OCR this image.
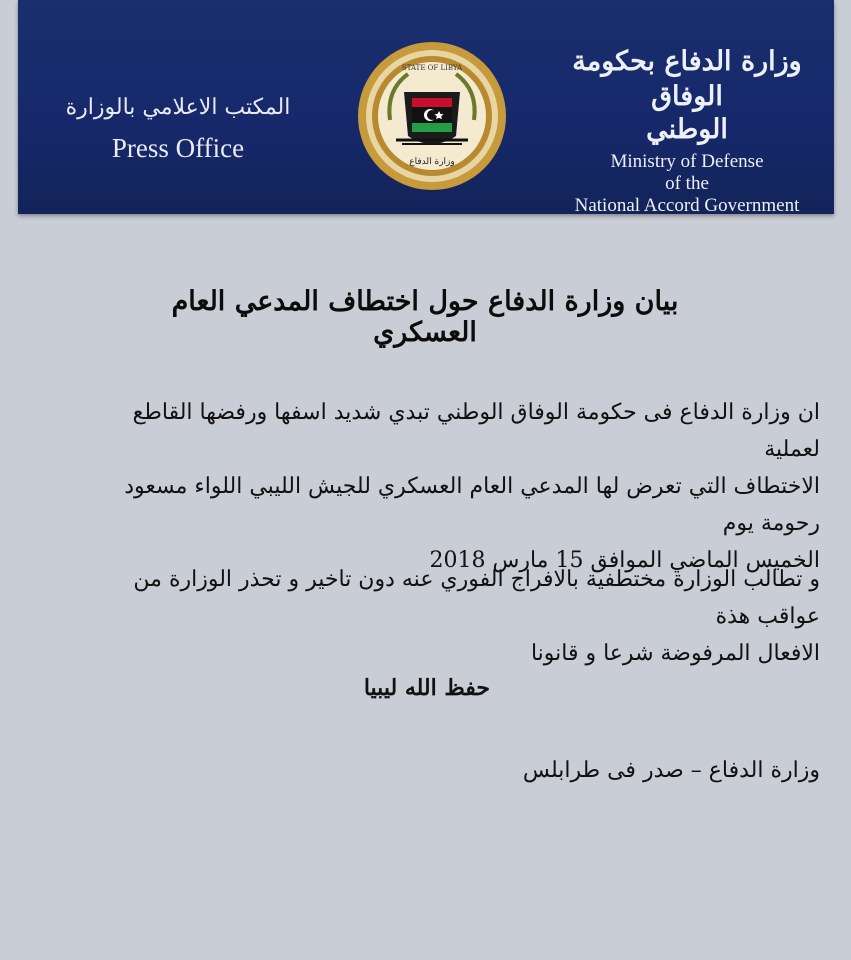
المكتب الاعلامي بالوزارة
Press Office
STATE OF LIBYA
وزارة الدفاع
وزارة الدفاع بحكومة الوفاق
الوطني
Ministry of Defense
of the
National Accord Government
بيان وزارة الدفاع حول اختطاف المدعي العام العسكري
ان وزارة الدفاع فى حكومة الوفاق الوطني تبدي شديد اسفها ورفضها القاطع لعملية
الاختطاف التي تعرض لها المدعي العام العسكري للجيش الليبي اللواء مسعود رحومة يوم
الخميس الماضي الموافق 15 مارس 2018
و تطالب الوزارة مختطفية بالافراج الفوري عنه دون تاخير و تحذر الوزارة من عواقب هذة
الافعال المرفوضة شرعا و قانونا
حفظ الله ليبيا
وزارة الدفاع – صدر فى طرابلس
